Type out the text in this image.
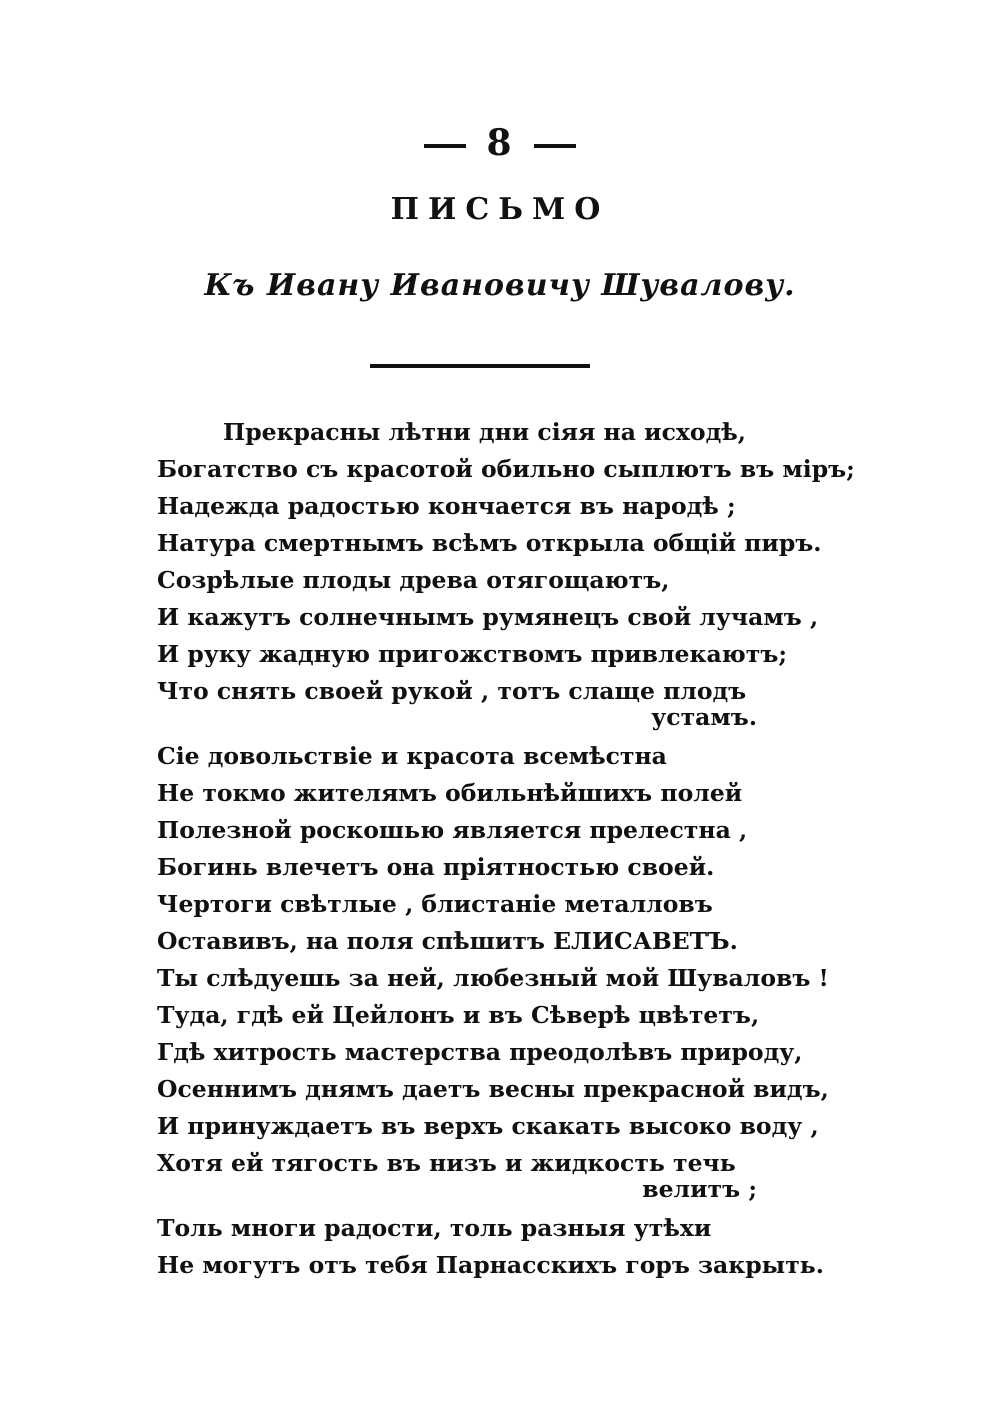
8
ПИСЬМО
Къ Ивану Ивановичу Шувалову.
Прекрасны лѣтни дни сіяя на исходѣ,
Богатство съ красотой обильно сыплютъ въ міръ;
Надежда радостью кончается въ народѣ ;
Натура смертнымъ всѣмъ открыла общій пиръ.
Созрѣлые плоды древа отягощаютъ,
И кажутъ солнечнымъ румянецъ свой лучамъ ,
И руку жадную пригожствомъ привлекаютъ;
Что снять своей рукой , тотъ слаще плодъ
устамъ.
Сіе довольствіе и красота всемѣстна
Не токмо жителямъ обильнѣйшихъ полей
Полезной роскошью является прелестна ,
Богинь влечетъ она пріятностью своей.
Чертоги свѣтлые , блистаніе металловъ
Оставивъ, на поля спѣшитъ ЕЛИСАВЕТЪ.
Ты слѣдуешь за ней, любезный мой Шуваловъ !
Туда, гдѣ ей Цейлонъ и въ Сѣверѣ цвѣтетъ,
Гдѣ хитрость мастерства преодолѣвъ природу,
Осеннимъ днямъ даетъ весны прекрасной видъ,
И принуждаетъ въ верхъ скакать высоко воду ,
Хотя ей тягость въ низъ и жидкость течь
велитъ ;
Толь многи радости, толь разныя утѣхи
Не могутъ отъ тебя Парнасскихъ горъ закрыть.
